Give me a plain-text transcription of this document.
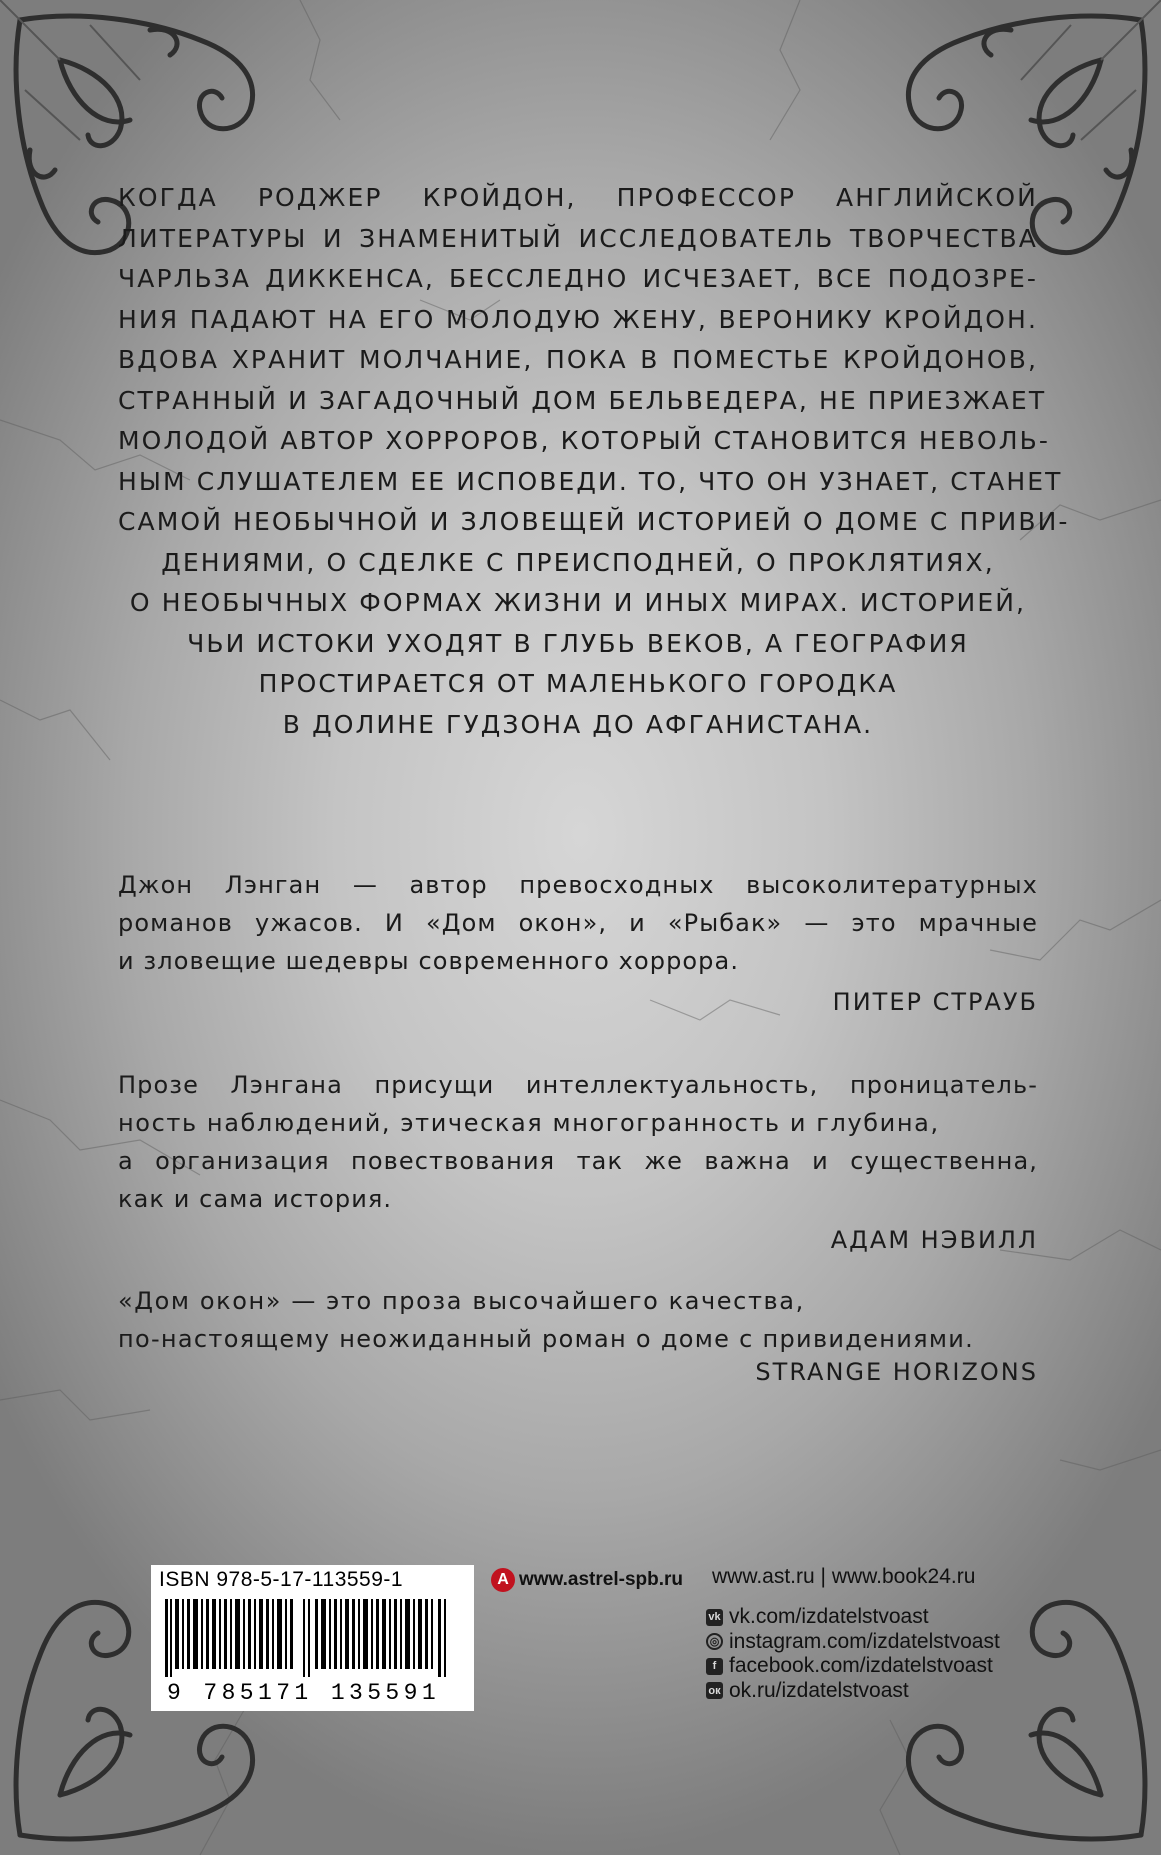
КОГДА РОДЖЕР КРОЙДОН, ПРОФЕССОР АНГЛИЙСКОЙ
ЛИТЕРАТУРЫ И ЗНАМЕНИТЫЙ ИССЛЕДОВАТЕЛЬ ТВОРЧЕСТВА
ЧАРЛЬЗА ДИККЕНСА, БЕССЛЕДНО ИСЧЕЗАЕТ, ВСЕ ПОДОЗРЕ-
НИЯ ПАДАЮТ НА ЕГО МОЛОДУЮ ЖЕНУ, ВЕРОНИКУ КРОЙДОН.
ВДОВА ХРАНИТ МОЛЧАНИЕ, ПОКА В ПОМЕСТЬЕ КРОЙДОНОВ,
СТРАННЫЙ И ЗАГАДОЧНЫЙ ДОМ БЕЛЬВЕДЕРА, НЕ ПРИЕЗЖАЕТ
МОЛОДОЙ АВТОР ХОРРОРОВ, КОТОРЫЙ СТАНОВИТСЯ НЕВОЛЬ-
НЫМ СЛУШАТЕЛЕМ ЕЕ ИСПОВЕДИ. ТО, ЧТО ОН УЗНАЕТ, СТАНЕТ
САМОЙ НЕОБЫЧНОЙ И ЗЛОВЕЩЕЙ ИСТОРИЕЙ О ДОМЕ С ПРИВИ-
ДЕНИЯМИ, О СДЕЛКЕ С ПРЕИСПОДНЕЙ, О ПРОКЛЯТИЯХ,
О НЕОБЫЧНЫХ ФОРМАХ ЖИЗНИ И ИНЫХ МИРАХ. ИСТОРИЕЙ,
ЧЬИ ИСТОКИ УХОДЯТ В ГЛУБЬ ВЕКОВ, А ГЕОГРАФИЯ
ПРОСТИРАЕТСЯ ОТ МАЛЕНЬКОГО ГОРОДКА
В ДОЛИНЕ ГУДЗОНА ДО АФГАНИСТАНА.
Джон Лэнган — автор превосходных высоколитературных
романов ужасов. И «Дом окон», и «Рыбак» — это мрачные
и зловещие шедевры современного хоррора.
ПИТЕР СТРАУБ
Прозе Лэнгана присущи интеллектуальность, проницатель-
ность наблюдений, этическая многогранность и глубина,
а организация повествования так же важна и существенна,
как и сама история.
АДАМ НЭВИЛЛ
«Дом окон» — это проза высочайшего качества,
по-настоящему неожиданный роман о доме с привидениями.
STRANGE HORIZONS
ISBN 978-5-17-113559-1
9 785171 135591
А www.astrel-spb.ru www.ast.ru | www.book24.ru
vk vk.com/izdatelstvoast
◎ instagram.com/izdatelstvoast
f facebook.com/izdatelstvoast
ок ok.ru/izdatelstvoast
